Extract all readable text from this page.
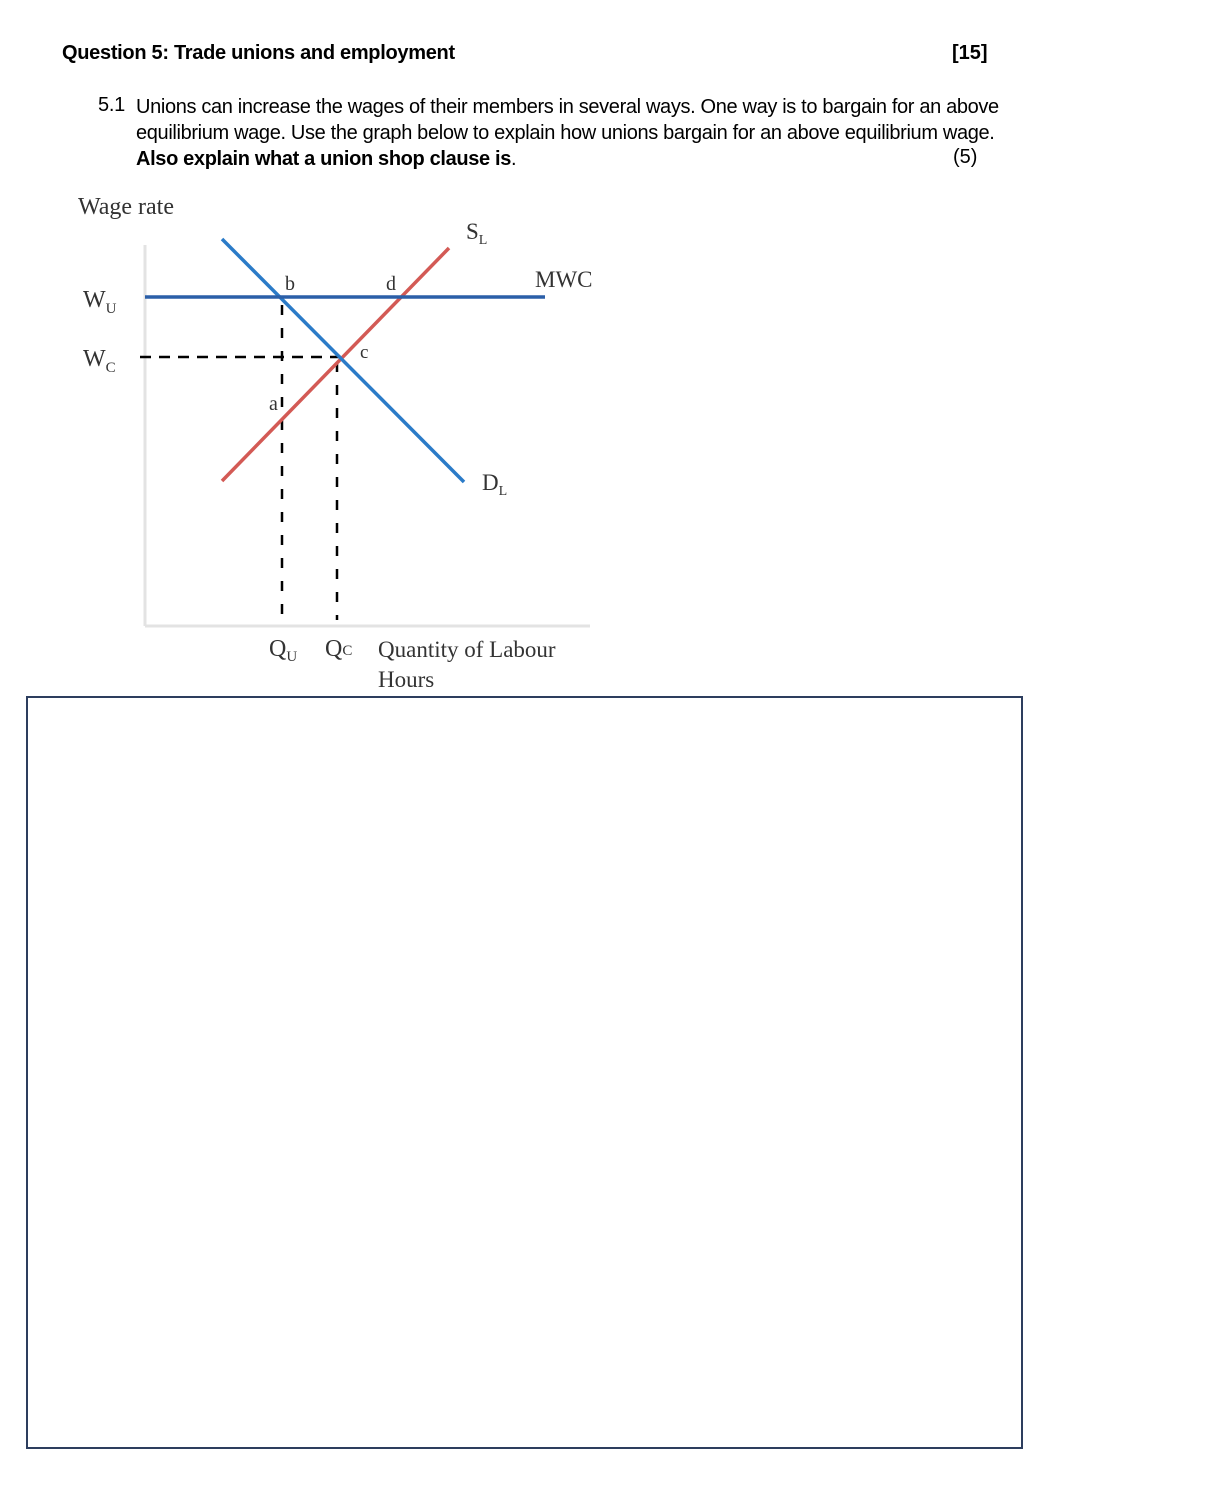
Question 5: Trade unions and employment	[15]
5.1 Unions can increase the wages of their members in several ways. One way is to bargain for an above
equilibrium wage. Use the graph below to explain how unions bargain for an above equilibrium wage.
Also explain what a union shop clause is.	(5)
Wage rate
Quantity of Labour
Hours
$W_U$
$W_C$
$Q_U$ QC
$S_L$
$D_L$
MWC
a
b
c
d
